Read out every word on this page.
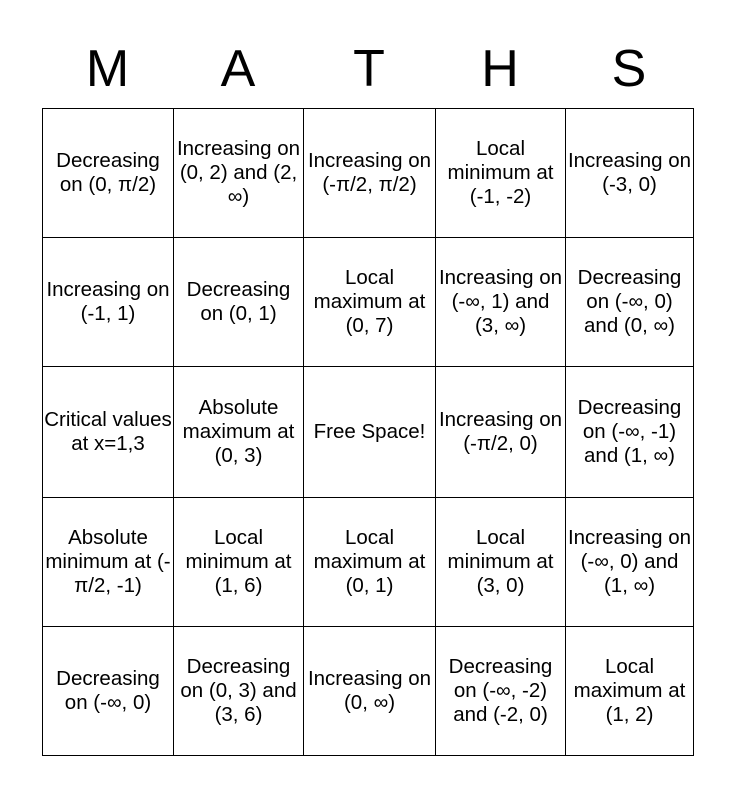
M	A	T	H	S
Decreasing on (0, π/2)	Increasing on (0, 2) and (2, ∞)	Increasing on (-π/2, π/2)	Local minimum at (-1, -2)	Increasing on (-3, 0)
Increasing on (-1, 1)	Decreasing on (0, 1)	Local maximum at (0, 7)	Increasing on (-∞, 1) and (3, ∞)	Decreasing on (-∞, 0) and (0, ∞)
Critical values at x=1,3	Absolute maximum at (0, 3)	Free Space!	Increasing on (-π/2, 0)	Decreasing on (-∞, -1) and (1, ∞)
Absolute minimum at (-π/2, -1)	Local minimum at (1, 6)	Local maximum at (0, 1)	Local minimum at (3, 0)	Increasing on (-∞, 0) and (1, ∞)
Decreasing on (-∞, 0)	Decreasing on (0, 3) and (3, 6)	Increasing on (0, ∞)	Decreasing on (-∞, -2) and (-2, 0)	Local maximum at (1, 2)
